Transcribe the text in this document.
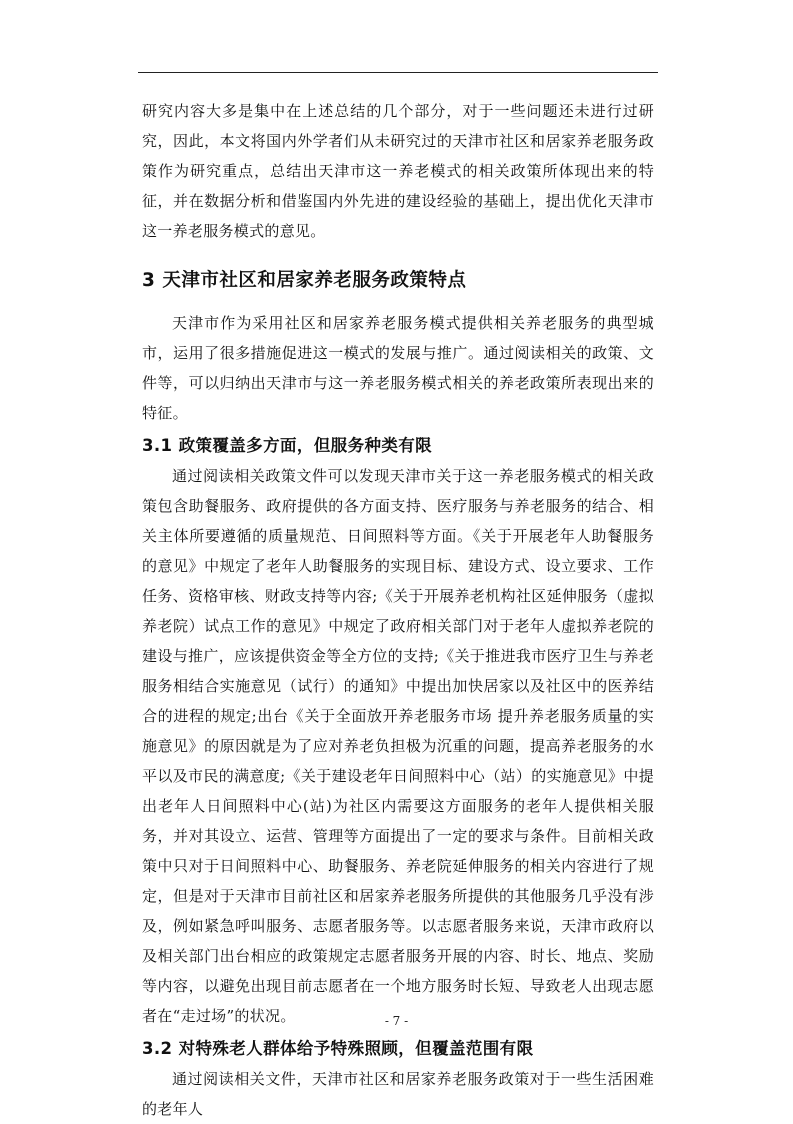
研究内容大多是集中在上述总结的几个部分，对于一些问题还未进行过研究，因此，本文将国内外学者们从未研究过的天津市社区和居家养老服务政策作为研究重点，总结出天津市这一养老模式的相关政策所体现出来的特征，并在数据分析和借鉴国内外先进的建设经验的基础上，提出优化天津市这一养老服务模式的意见。

3 天津市社区和居家养老服务政策特点

天津市作为采用社区和居家养老服务模式提供相关养老服务的典型城市，运用了很多措施促进这一模式的发展与推广。通过阅读相关的政策、文件等，可以归纳出天津市与这一养老服务模式相关的养老政策所表现出来的特征。

3.1 政策覆盖多方面，但服务种类有限

通过阅读相关政策文件可以发现天津市关于这一养老服务模式的相关政策包含助餐服务、政府提供的各方面支持、医疗服务与养老服务的结合、相关主体所要遵循的质量规范、日间照料等方面。《关于开展老年人助餐服务的意见》中规定了老年人助餐服务的实现目标、建设方式、设立要求、工作任务、资格审核、财政支持等内容;《关于开展养老机构社区延伸服务（虚拟养老院）试点工作的意见》中规定了政府相关部门对于老年人虚拟养老院的建设与推广，应该提供资金等全方位的支持;《关于推进我市医疗卫生与养老服务相结合实施意见（试行）的通知》中提出加快居家以及社区中的医养结合的进程的规定;出台《关于全面放开养老服务市场 提升养老服务质量的实施意见》的原因就是为了应对养老负担极为沉重的问题，提高养老服务的水平以及市民的满意度;《关于建设老年日间照料中心（站）的实施意见》中提出老年人日间照料中心(站)为社区内需要这方面服务的老年人提供相关服务，并对其设立、运营、管理等方面提出了一定的要求与条件。目前相关政策中只对于日间照料中心、助餐服务、养老院延伸服务的相关内容进行了规定，但是对于天津市目前社区和居家养老服务所提供的其他服务几乎没有涉及，例如紧急呼叫服务、志愿者服务等。以志愿者服务来说，天津市政府以及相关部门出台相应的政策规定志愿者服务开展的内容、时长、地点、奖励等内容，以避免出现目前志愿者在一个地方服务时长短、导致老人出现志愿者在“走过场”的状况。

3.2 对特殊老人群体给予特殊照顾，但覆盖范围有限

通过阅读相关文件，天津市社区和居家养老服务政策对于一些生活困难的老年人

- 7 -
